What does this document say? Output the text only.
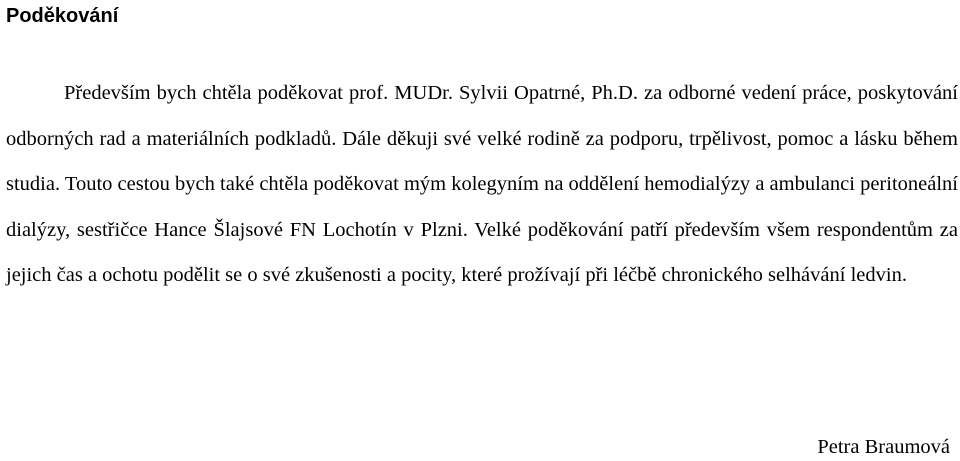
Poděkování

Především bych chtěla poděkovat prof. MUDr. Sylvii Opatrné, Ph.D. za odborné vedení práce, poskytování odborných rad a materiálních podkladů. Dále děkuji své velké rodině za podporu, trpělivost, pomoc a lásku během studia. Touto cestou bych také chtěla poděkovat mým kolegyním na oddělení hemodialýzy a ambulanci peritoneální dialýzy, sestřičce Hance Šlajsové FN Lochotín v Plzni. Velké poděkování patří především všem respondentům za jejich čas a ochotu podělit se o své zkušenosti a pocity, které prožívají při léčbě chronického selhávání ledvin.

Petra Braumová
